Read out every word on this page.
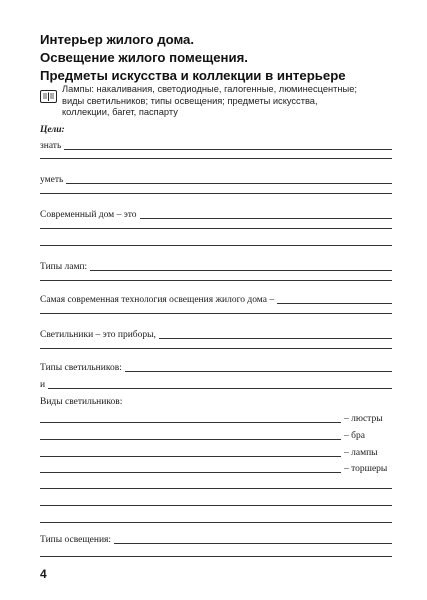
Интерьер жилого дома.
Освещение жилого помещения.
Предметы искусства и коллекции в интерьере
Лампы: накаливания, светодиодные, галогенные, люминесцентные;
виды светильников; типы освещения; предметы искусства,
коллекции, багет, паспарту
Цели:
знать
уметь
Современный дом – это
Типы ламп:
Самая современная технология освещения жилого дома –
Светильники – это приборы,
Типы светильников:
и
Виды светильников:
– люстры
– бра
– лампы
– торшеры
Типы освещения:
4
